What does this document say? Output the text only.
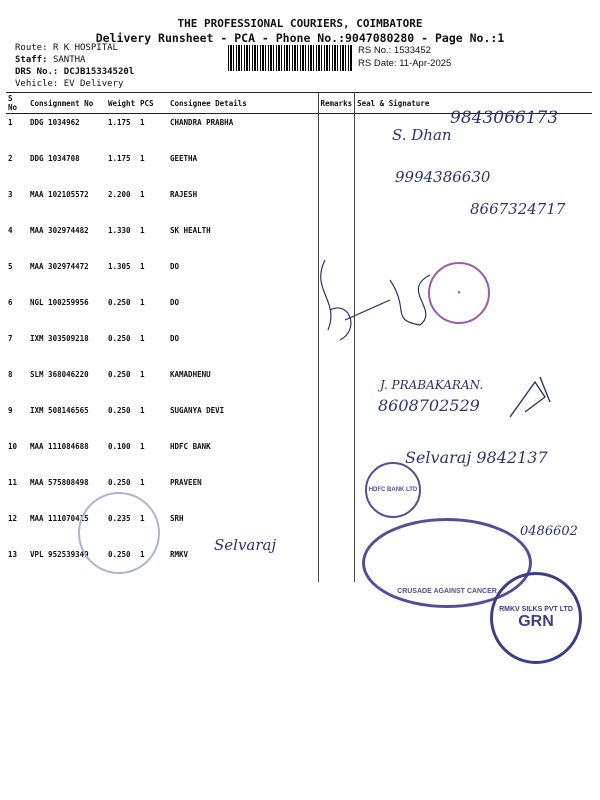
THE PROFESSIONAL COURIERS, COIMBATORE
Delivery Runsheet - PCA - Phone No.:9047080280 - Page No.:1
Route: R K HOSPITAL
Staff: SANTHA
DRS No.: DCJB15334520l
Vehicle: EV Delivery
RS No.: 1533452
RS Date: 11-Apr-2025
S No	Consignment No	Weight	PCS	Consignee Details	Remarks	Seal & Signature
1	DDG 1034962	1.175	1	CHANDRA PRABHA		
2	DDG 1034708	1.175	1	GEETHA		
3	MAA 102105572	2.200	1	RAJESH		
4	MAA 302974482	1.330	1	SK HEALTH		
5	MAA 302974472	1.305	1	DO		
6	NGL 100259956	0.250	1	DO		
7	IXM 303509218	0.250	1	DO		
8	SLM 368046220	0.250	1	KAMADHENU		
9	IXM 508146565	0.250	1	SUGANYA DEVI		
10	MAA 111084688	0.100	1	HDFC BANK		
11	MAA 575808498	0.250	1	PRAVEEN		
12	MAA 111070415	0.235	1	SRH		
13	VPL 952539349	0.250	1	RMKV		
9843066173
S. Dhan
9994386630
8667324717
J. PRABAKARAN.
8608702529
Selvaraj 9842137
0486602
Selvaraj
●
HDFC BANK LTD
CRUSADE AGAINST CANCER
RMKV SILKS PVT LTD
GRN
